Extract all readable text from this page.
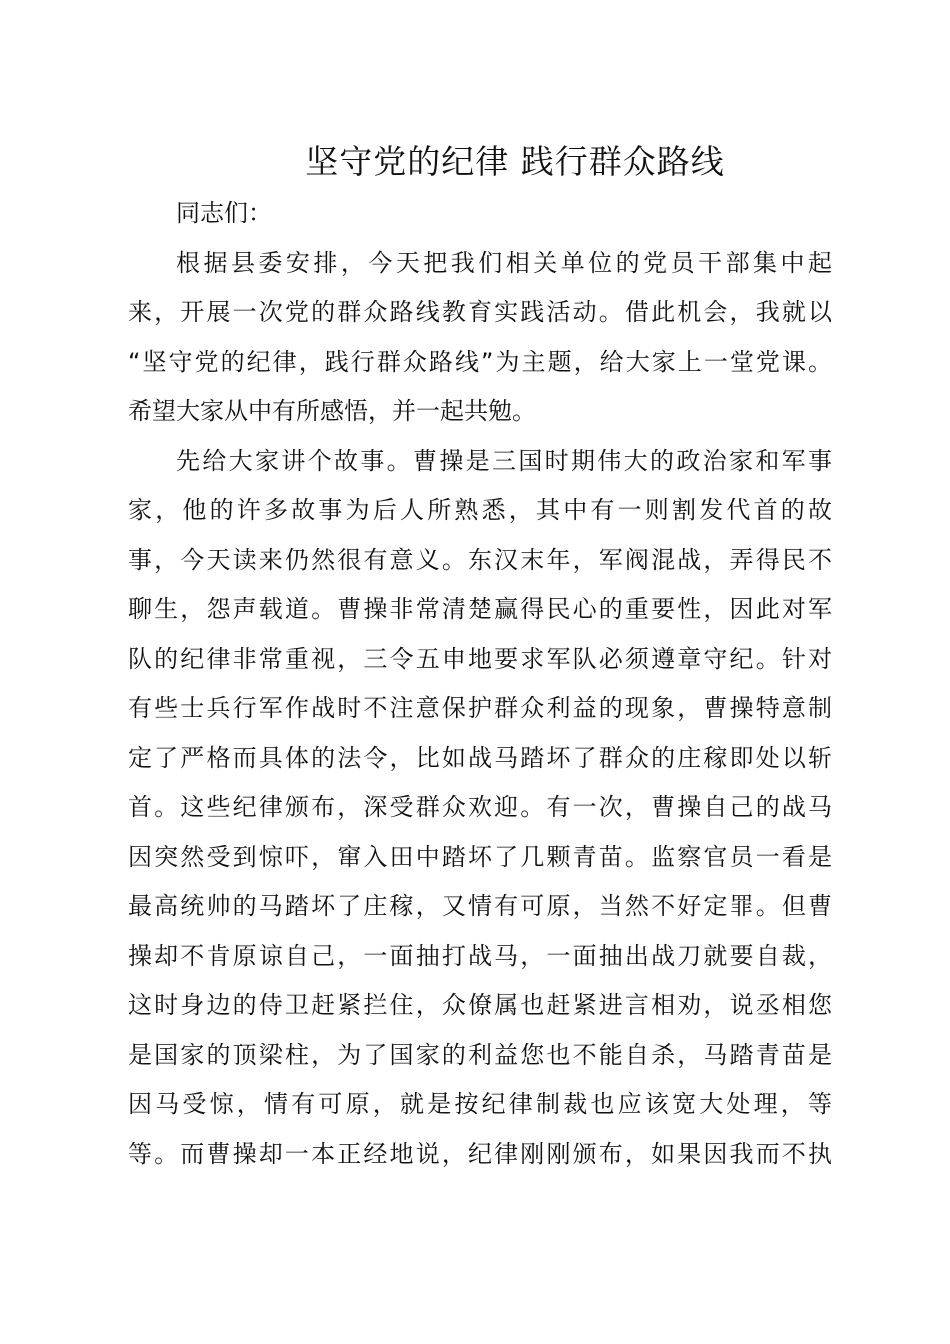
坚守党的纪律 践行群众路线
同志们：
根据县委安排，今天把我们相关单位的党员干部集中起
来，开展一次党的群众路线教育实践活动。借此机会，我就以
“坚守党的纪律，践行群众路线”为主题，给大家上一堂党课。
希望大家从中有所感悟，并一起共勉。
先给大家讲个故事。曹操是三国时期伟大的政治家和军事
家，他的许多故事为后人所熟悉，其中有一则割发代首的故
事，今天读来仍然很有意义。东汉末年，军阀混战，弄得民不
聊生，怨声载道。曹操非常清楚赢得民心的重要性，因此对军
队的纪律非常重视，三令五申地要求军队必须遵章守纪。针对
有些士兵行军作战时不注意保护群众利益的现象，曹操特意制
定了严格而具体的法令，比如战马踏坏了群众的庄稼即处以斩
首。这些纪律颁布，深受群众欢迎。有一次，曹操自己的战马
因突然受到惊吓，窜入田中踏坏了几颗青苗。监察官员一看是
最高统帅的马踏坏了庄稼，又情有可原，当然不好定罪。但曹
操却不肯原谅自己，一面抽打战马，一面抽出战刀就要自裁，
这时身边的侍卫赶紧拦住，众僚属也赶紧进言相劝，说丞相您
是国家的顶梁柱，为了国家的利益您也不能自杀，马踏青苗是
因马受惊，情有可原，就是按纪律制裁也应该宽大处理，等
等。而曹操却一本正经地说，纪律刚刚颁布，如果因我而不执
